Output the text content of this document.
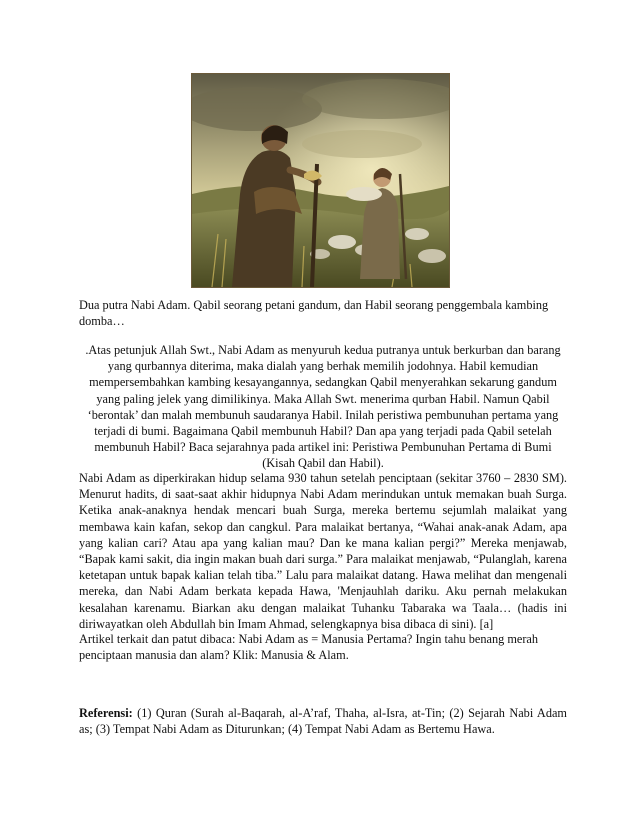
Dua putra Nabi Adam. Qabil seorang petani gandum, dan Habil seorang penggembala kambing domba…

.Atas petunjuk Allah Swt., Nabi Adam as menyuruh kedua putranya untuk berkurban dan barang yang qurbannya diterima, maka dialah yang berhak memilih jodohnya. Habil kemudian mempersembahkan kambing kesayangannya, sedangkan Qabil menyerahkan sekarung gandum yang paling jelek yang dimilikinya. Maka Allah Swt. menerima qurban Habil. Namun Qabil ‘berontak’ dan malah membunuh saudaranya Habil. Inilah peristiwa pembunuhan pertama yang terjadi di bumi. Bagaimana Qabil membunuh Habil? Dan apa yang terjadi pada Qabil setelah membunuh Habil? Baca sejarahnya pada artikel ini: Peristiwa Pembunuhan Pertama di Bumi (Kisah Qabil dan Habil).

Nabi Adam as diperkirakan hidup selama 930 tahun setelah penciptaan (sekitar 3760 – 2830 SM). Menurut hadits, di saat-saat akhir hidupnya Nabi Adam merindukan untuk memakan buah Surga. Ketika anak-anaknya hendak mencari buah Surga, mereka bertemu sejumlah malaikat yang membawa kain kafan, sekop dan cangkul. Para malaikat bertanya, “Wahai anak-anak Adam, apa yang kalian cari? Atau apa yang kalian mau? Dan ke mana kalian pergi?” Mereka menjawab, “Bapak kami sakit, dia ingin makan buah dari surga.” Para malaikat menjawab, “Pulanglah, karena ketetapan untuk bapak kalian telah tiba.” Lalu para malaikat datang. Hawa melihat dan mengenali mereka, dan Nabi Adam berkata kepada Hawa, 'Menjauhlah dariku. Aku pernah melakukan kesalahan karenamu. Biarkan aku dengan malaikat Tuhanku Tabaraka wa Taala… (hadis ini diriwayatkan oleh Abdullah bin Imam Ahmad, selengkapnya bisa dibaca di sini). [a]

Artikel terkait dan patut dibaca: Nabi Adam as = Manusia Pertama? Ingin tahu benang merah penciptaan manusia dan alam? Klik: Manusia & Alam.

Referensi: (1) Quran (Surah al-Baqarah, al-A’raf, Thaha, al-Isra, at-Tin; (2) Sejarah Nabi Adam as; (3) Tempat Nabi Adam as Diturunkan; (4) Tempat Nabi Adam as Bertemu Hawa.
